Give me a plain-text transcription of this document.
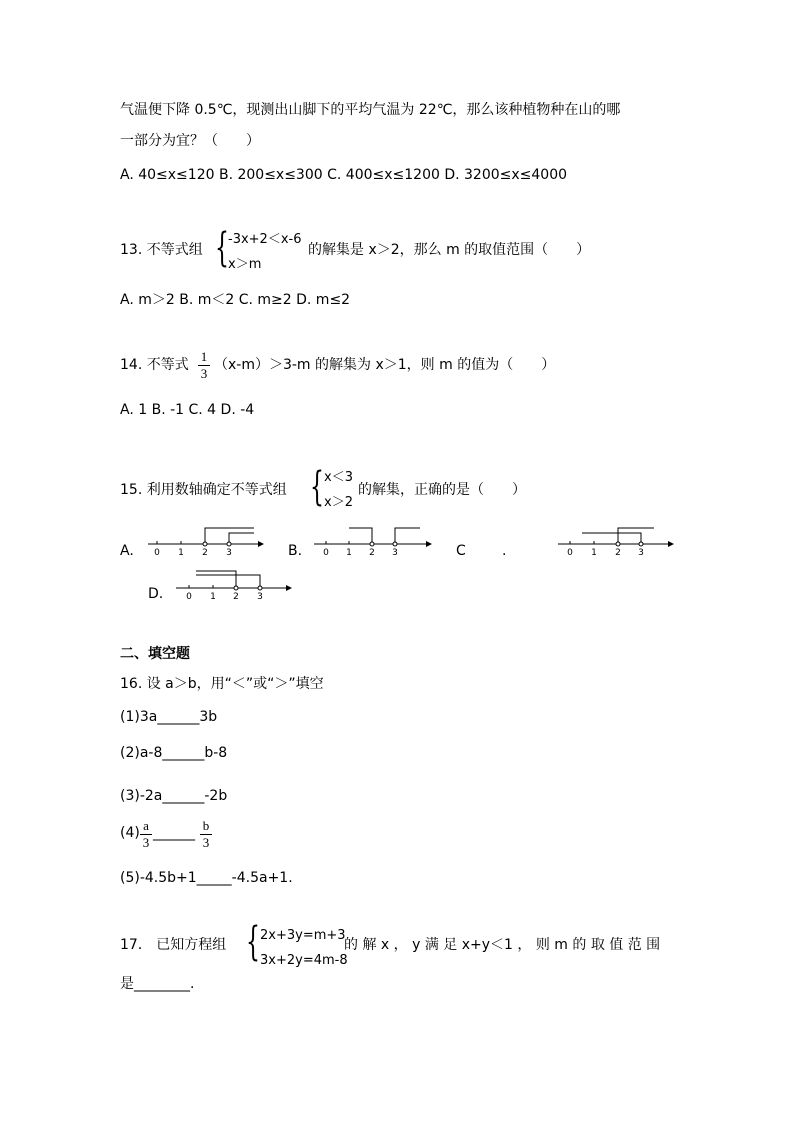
气温便下降 0.5℃，现测出山脚下的平均气温为 22℃，那么该种植物种在山的哪
一部分为宜？（　　）
A. 40≤x≤120 B. 200≤x≤300 C. 400≤x≤1200 D. 3200≤x≤4000
13. 不等式组 { -3x+2＜x-6
x＞m
的解集是 x＞2，那么 m 的取值范围（　　）
A. m＞2 B. m＜2 C. m≥2 D. m≤2
14. 不等式 $\frac{1}{3} (x-m)>3-m$ 的解集为 x＞1，则 m 的值为（　　）
A. 1 B. -1 C. 4 D. -4
15. 利用数轴确定不等式组 { x＜3
x＞2
的解集，正确的是（　　）
A. 0 1 2 3	B. 0 1 2 3	C	.	0 1 2 3
D.	0 1 2 3
二、填空题
16. 设 a＞b，用“＜”或“＞”填空
(1)3a______3b
(2)a-8______b-8
(3)-2a______-2b
$(4) \frac{a}{3}$ ______ $\frac{b}{3}$
(5)-4.5b+1_____-4.5a+1.
17． 已知方程组 { 2x+3y=m+3
3x+2y=4m-8
的 解 x ， y 满 足 x+y＜1 ， 则 m 的 取 值 范 围
是________.
